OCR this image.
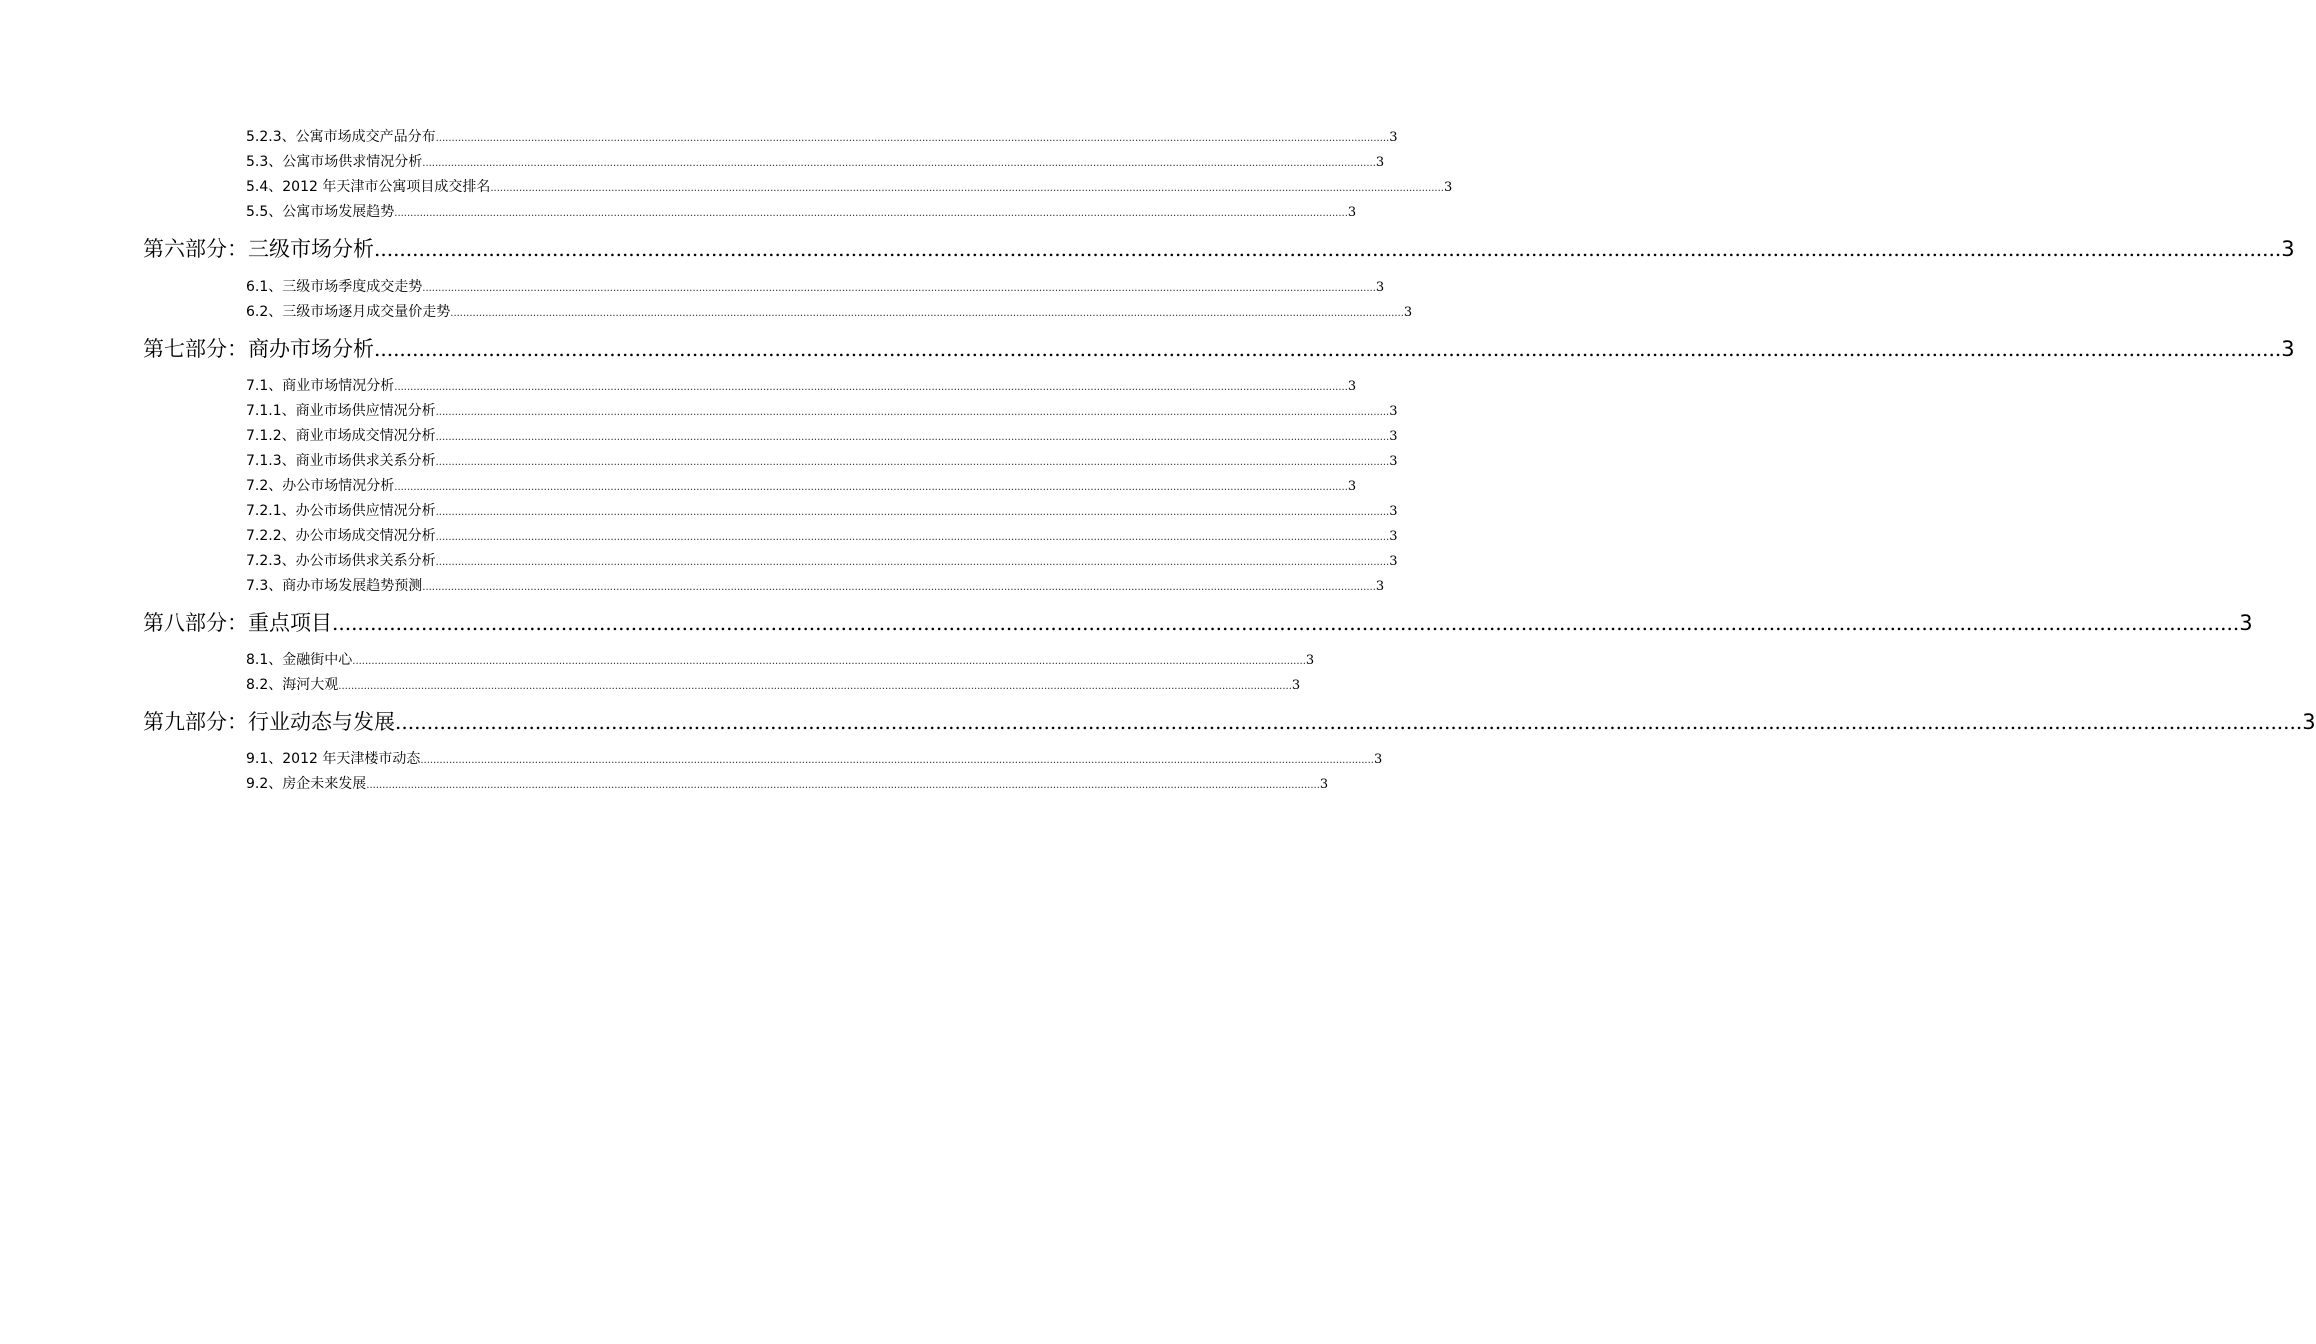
5.2.3、公寓市场成交产品分布 ............................................................................................................................................................................................................................................................................................................ 3
5.3、公寓市场供求情况分析 ............................................................................................................................................................................................................................................................................................................ 3
5.4、2012 年天津市公寓项目成交排名 ............................................................................................................................................................................................................................................................................................................ 3
5.5、公寓市场发展趋势 ............................................................................................................................................................................................................................................................................................................ 3
第六部分：三级市场分析 ............................................................................................................................................................................................................................................................................................................ 3
6.1、三级市场季度成交走势 ............................................................................................................................................................................................................................................................................................................ 3
6.2、三级市场逐月成交量价走势 ............................................................................................................................................................................................................................................................................................................ 3
第七部分：商办市场分析 ............................................................................................................................................................................................................................................................................................................ 3
7.1、商业市场情况分析 ............................................................................................................................................................................................................................................................................................................ 3
7.1.1、商业市场供应情况分析 ............................................................................................................................................................................................................................................................................................................ 3
7.1.2、商业市场成交情况分析 ............................................................................................................................................................................................................................................................................................................ 3
7.1.3、商业市场供求关系分析 ............................................................................................................................................................................................................................................................................................................ 3
7.2、办公市场情况分析 ............................................................................................................................................................................................................................................................................................................ 3
7.2.1、办公市场供应情况分析 ............................................................................................................................................................................................................................................................................................................ 3
7.2.2、办公市场成交情况分析 ............................................................................................................................................................................................................................................................................................................ 3
7.2.3、办公市场供求关系分析 ............................................................................................................................................................................................................................................................................................................ 3
7.3、商办市场发展趋势预测 ............................................................................................................................................................................................................................................................................................................ 3
第八部分：重点项目 ............................................................................................................................................................................................................................................................................................................ 3
8.1、金融街中心 ............................................................................................................................................................................................................................................................................................................ 3
8.2、海河大观 ............................................................................................................................................................................................................................................................................................................ 3
第九部分：行业动态与发展 ............................................................................................................................................................................................................................................................................................................ 3
9.1、2012 年天津楼市动态 ............................................................................................................................................................................................................................................................................................................ 3
9.2、房企未来发展 ............................................................................................................................................................................................................................................................................................................ 3
